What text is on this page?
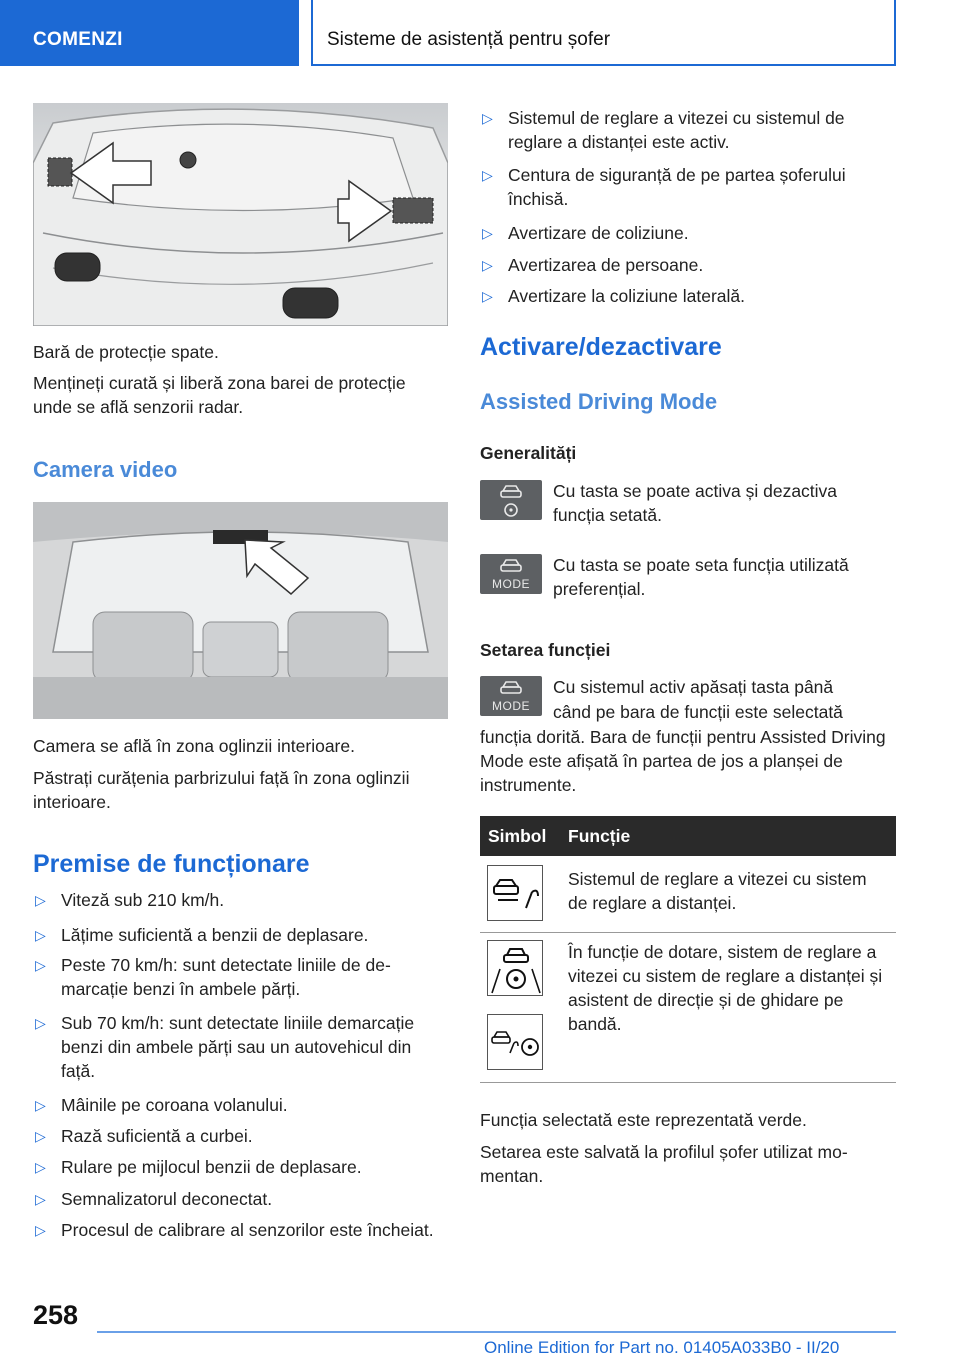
COMENZI	Sisteme de asistență pentru șofer
Bară de protecție spate.
Mențineți curată și liberă zona barei de protecție unde se află senzorii radar.
Camera video
Camera se află în zona oglinzii interioare.
Păstrați curățenia parbrizului față în zona oglinzii interioare.
Premise de funcționare
▷ Viteză sub 210 km/h.
▷ Lățime suficientă a benzii de deplasare.
▷ Peste 70 km/h: sunt detectate liniile de demarcație benzi în ambele părți.
▷ Sub 70 km/h: sunt detectate liniile demarcație benzi din ambele părți sau un autovehicul din față.
▷ Mâinile pe coroana volanului.
▷ Rază suficientă a curbei.
▷ Rulare pe mijlocul benzii de deplasare.
▷ Semnalizatorul deconectat.
▷ Procesul de calibrare al senzorilor este încheiat.
▷ Sistemul de reglare a vitezei cu sistemul de reglare a distanței este activ.
▷ Centura de siguranță de pe partea șoferului închisă.
▷ Avertizare de coliziune.
▷ Avertizarea de persoane.
▷ Avertizare la coliziune laterală.
Activare/dezactivare
Assisted Driving Mode
Generalități
Cu tasta se poate activa și dezactiva funcția setată.
MODE
Cu tasta se poate seta funcția utilizată preferențial.
Setarea funcției
MODE
Cu sistemul activ apăsați tasta până
când pe bara de funcții este selectată
funcția dorită. Bara de funcții pentru Assisted Driving Mode este afișată în partea de jos a planșei de instrumente.
Simbol Funcție
Sistemul de reglare a vitezei cu sistem de reglare a distanței.
În funcție de dotare, sistem de reglare a vitezei cu sistem de reglare a distanței și asistent de direcție și de ghidare pe bandă.
Funcția selectată este reprezentată verde.
Setarea este salvată la profilul șofer utilizat momentan.
258
Online Edition for Part no. 01405A033B0 - II/20
